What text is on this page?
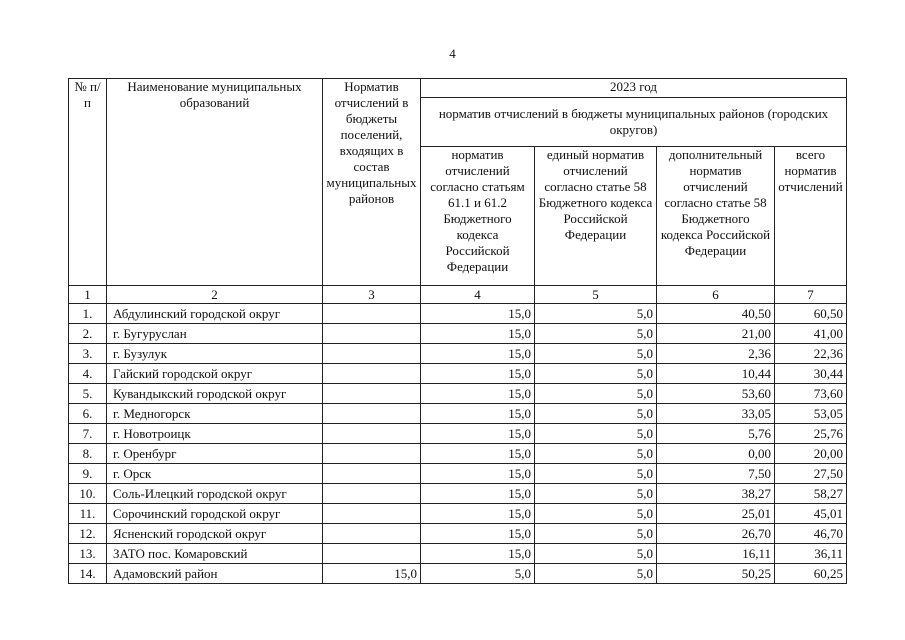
4
№ п/п	Наименование муниципальных образований	Норматив отчислений в бюджеты поселений, входящих в состав муниципальных районов	2023 год			
			норматив отчислений в бюджеты муниципальных районов (городских округов)			
			норматив отчислений согласно статьям 61.1 и 61.2 Бюджетного кодекса Российской Федерации	единый норматив отчислений согласно статье 58 Бюджетного кодекса Российской Федерации	дополнительный норматив отчислений согласно статье 58 Бюджетного кодекса Российской Федерации	всего норматив отчислений
1	2	3	4	5	6	7
1.	Абдулинский городской округ		15,0	5,0	40,50	60,50
2.	г. Бугуруслан		15,0	5,0	21,00	41,00
3.	г. Бузулук		15,0	5,0	2,36	22,36
4.	Гайский городской округ		15,0	5,0	10,44	30,44
5.	Кувандыкский городской округ		15,0	5,0	53,60	73,60
6.	г. Медногорск		15,0	5,0	33,05	53,05
7.	г. Новотроицк		15,0	5,0	5,76	25,76
8.	г. Оренбург		15,0	5,0	0,00	20,00
9.	г. Орск		15,0	5,0	7,50	27,50
10.	Соль-Илецкий городской округ		15,0	5,0	38,27	58,27
11.	Сорочинский городской округ		15,0	5,0	25,01	45,01
12.	Ясненский городской округ		15,0	5,0	26,70	46,70
13.	ЗАТО пос. Комаровский		15,0	5,0	16,11	36,11
14.	Адамовский район	15,0	5,0	5,0	50,25	60,25
